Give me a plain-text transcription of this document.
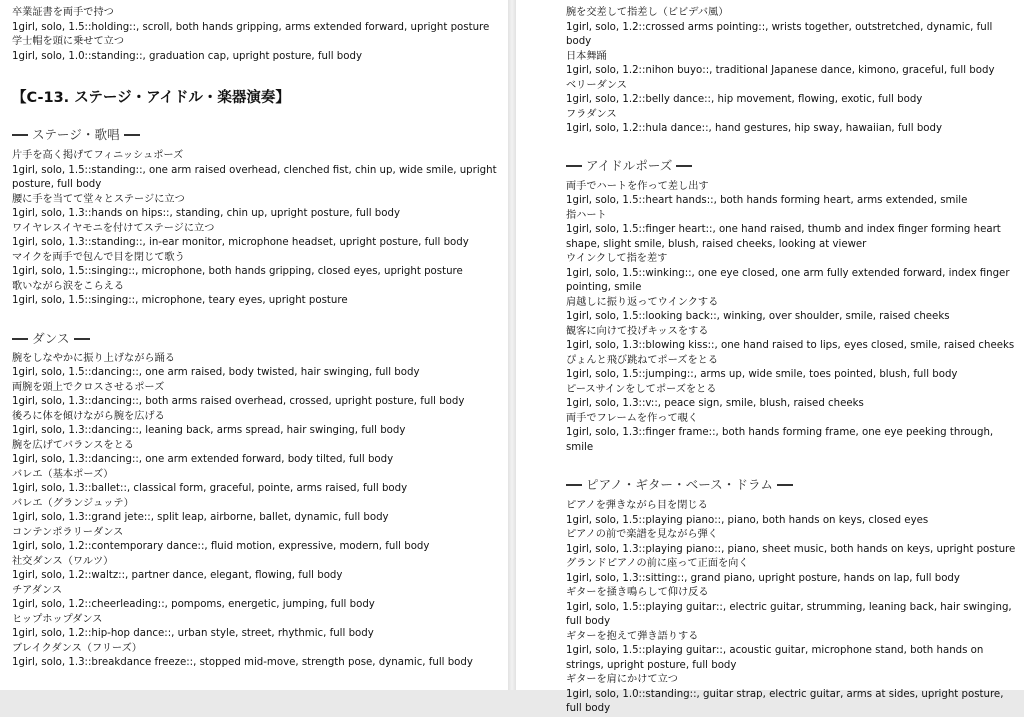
卒業証書を両手で持つ
1girl, solo, 1.5::holding::, scroll, both hands gripping, arms extended forward, upright posture
学士帽を頭に乗せて立つ
1girl, solo, 1.0::standing::, graduation cap, upright posture, full body
【C-13. ステージ・アイドル・楽器演奏】
ステージ・歌唱
片手を高く掲げてフィニッシュポーズ
1girl, solo, 1.5::standing::, one arm raised overhead, clenched fist, chin up, wide smile, upright posture, full body
腰に手を当てて堂々とステージに立つ
1girl, solo, 1.3::hands on hips::, standing, chin up, upright posture, full body
ワイヤレスイヤモニを付けてステージに立つ
1girl, solo, 1.3::standing::, in-ear monitor, microphone headset, upright posture, full body
マイクを両手で包んで目を閉じて歌う
1girl, solo, 1.5::singing::, microphone, both hands gripping, closed eyes, upright posture
歌いながら涙をこらえる
1girl, solo, 1.5::singing::, microphone, teary eyes, upright posture
ダンス
腕をしなやかに振り上げながら踊る
1girl, solo, 1.5::dancing::, one arm raised, body twisted, hair swinging, full body
両腕を頭上でクロスさせるポーズ
1girl, solo, 1.3::dancing::, both arms raised overhead, crossed, upright posture, full body
後ろに体を傾けながら腕を広げる
1girl, solo, 1.3::dancing::, leaning back, arms spread, hair swinging, full body
腕を広げてバランスをとる
1girl, solo, 1.3::dancing::, one arm extended forward, body tilted, full body
バレエ（基本ポーズ）
1girl, solo, 1.3::ballet::, classical form, graceful, pointe, arms raised, full body
バレエ（グランジュッテ）
1girl, solo, 1.3::grand jete::, split leap, airborne, ballet, dynamic, full body
コンテンポラリーダンス
1girl, solo, 1.2::contemporary dance::, fluid motion, expressive, modern, full body
社交ダンス（ワルツ）
1girl, solo, 1.2::waltz::, partner dance, elegant, flowing, full body
チアダンス
1girl, solo, 1.2::cheerleading::, pompoms, energetic, jumping, full body
ヒップホップダンス
1girl, solo, 1.2::hip-hop dance::, urban style, street, rhythmic, full body
ブレイクダンス（フリーズ）
1girl, solo, 1.3::breakdance freeze::, stopped mid-move, strength pose, dynamic, full body
腕を交差して指差し（ビビデバ風）
1girl, solo, 1.2::crossed arms pointing::, wrists together, outstretched, dynamic, full body
日本舞踊
1girl, solo, 1.2::nihon buyo::, traditional Japanese dance, kimono, graceful, full body
ベリーダンス
1girl, solo, 1.2::belly dance::, hip movement, flowing, exotic, full body
フラダンス
1girl, solo, 1.2::hula dance::, hand gestures, hip sway, hawaiian, full body
アイドルポーズ
両手でハートを作って差し出す
1girl, solo, 1.5::heart hands::, both hands forming heart, arms extended, smile
指ハート
1girl, solo, 1.5::finger heart::, one hand raised, thumb and index finger forming heart shape, slight smile, blush, raised cheeks, looking at viewer
ウインクして指を差す
1girl, solo, 1.5::winking::, one eye closed, one arm fully extended forward, index finger pointing, smile
肩越しに振り返ってウインクする
1girl, solo, 1.5::looking back::, winking, over shoulder, smile, raised cheeks
観客に向けて投げキッスをする
1girl, solo, 1.3::blowing kiss::, one hand raised to lips, eyes closed, smile, raised cheeks
ぴょんと飛び跳ねてポーズをとる
1girl, solo, 1.5::jumping::, arms up, wide smile, toes pointed, blush, full body
ピースサインをしてポーズをとる
1girl, solo, 1.3::v::, peace sign, smile, blush, raised cheeks
両手でフレームを作って覗く
1girl, solo, 1.3::finger frame::, both hands forming frame, one eye peeking through, smile
ピアノ・ギター・ベース・ドラム
ピアノを弾きながら目を閉じる
1girl, solo, 1.5::playing piano::, piano, both hands on keys, closed eyes
ピアノの前で楽譜を見ながら弾く
1girl, solo, 1.3::playing piano::, piano, sheet music, both hands on keys, upright posture
グランドピアノの前に座って正面を向く
1girl, solo, 1.3::sitting::, grand piano, upright posture, hands on lap, full body
ギターを掻き鳴らして仰け反る
1girl, solo, 1.5::playing guitar::, electric guitar, strumming, leaning back, hair swinging, full body
ギターを抱えて弾き語りする
1girl, solo, 1.5::playing guitar::, acoustic guitar, microphone stand, both hands on strings, upright posture, full body
ギターを肩にかけて立つ
1girl, solo, 1.0::standing::, guitar strap, electric guitar, arms at sides, upright posture, full body
